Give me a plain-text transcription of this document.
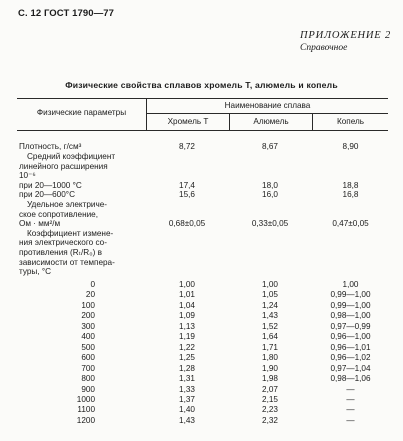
С. 12 ГОСТ 1790—77
ПРИЛОЖЕНИЕ 2
Справочное
Физические свойства сплавов хромель Т, алюмель и копель
Физические параметры
Наименование сплава
Хромель Т	Алюмель	Копель
Плотность, г/см³	8,72	8,67	8,90
Средний коэффициент
линейного расширения
10⁻⁶
при 20—1000 °С	17,4	18,0	18,8
при 20—600°С	15,6	16,0	16,8
Удельное электриче-
ское сопротивление,
Ом · мм²/м	0,68±0,05	0,33±0,05	0,47±0,05
Коэффициент измене-
ния электрического со-
противления (Rₜ/R₀) в
зависимости от темпера-
туры, °С
0	1,00	1,00	1,00
20	1,01	1,05	0,99—1,00
100	1,04	1,24	0,99—1,00
200	1,09	1,43	0,98—1,00
300	1,13	1,52	0,97—0,99
400	1,19	1,64	0,96—1,00
500	1,22	1,71	0,96—1,01
600	1,25	1,80	0,96—1,02
700	1,28	1,90	0,97—1,04
800	1,31	1,98	0,98—1,06
900	1,33	2,07	—
1000	1,37	2,15	—
1100	1,40	2,23	—
1200	1,43	2,32	—
